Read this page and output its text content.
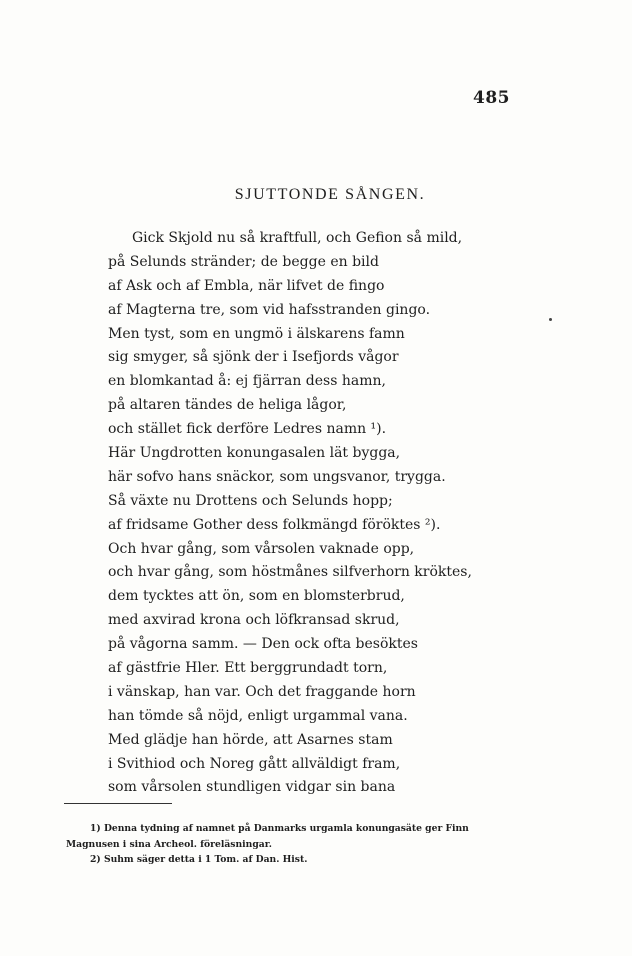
485
SJUTTONDE SÅNGEN.
Gick Skjold nu så kraftfull, och Gefion så mild,
på Selunds stränder; de begge en bild
af Ask och af Embla, när lifvet de fingo
af Magterna tre, som vid hafsstranden gingo.
Men tyst, som en ungmö i älskarens famn
sig smyger, så sjönk der i Isefjords vågor
en blomkantad å: ej fjärran dess hamn,
på altaren tändes de heliga lågor,
och stället fick derföre Ledres namn ¹).
Här Ungdrotten konungasalen lät bygga,
här sofvo hans snäckor, som ungsvanor, trygga.
Så växte nu Drottens och Selunds hopp;
af fridsame Gother dess folkmängd föröktes ²).
Och hvar gång, som vårsolen vaknade opp,
och hvar gång, som höstmånes silfverhorn kröktes,
dem tycktes att ön, som en blomsterbrud,
med axvirad krona och löfkransad skrud,
på vågorna samm. — Den ock ofta besöktes
af gästfrie Hler. Ett berggrundadt torn,
i vänskap, han var. Och det fraggande horn
han tömde så nöjd, enligt urgammal vana.
Med glädje han hörde, att Asarnes stam
i Svithiod och Noreg gått allväldigt fram,
som vårsolen stundligen vidgar sin bana
1) Denna tydning af namnet på Danmarks urgamla konungasäte ger Finn
Magnusen i sina Archeol. föreläsningar.
2) Suhm säger detta i 1 Tom. af Dan. Hist.
